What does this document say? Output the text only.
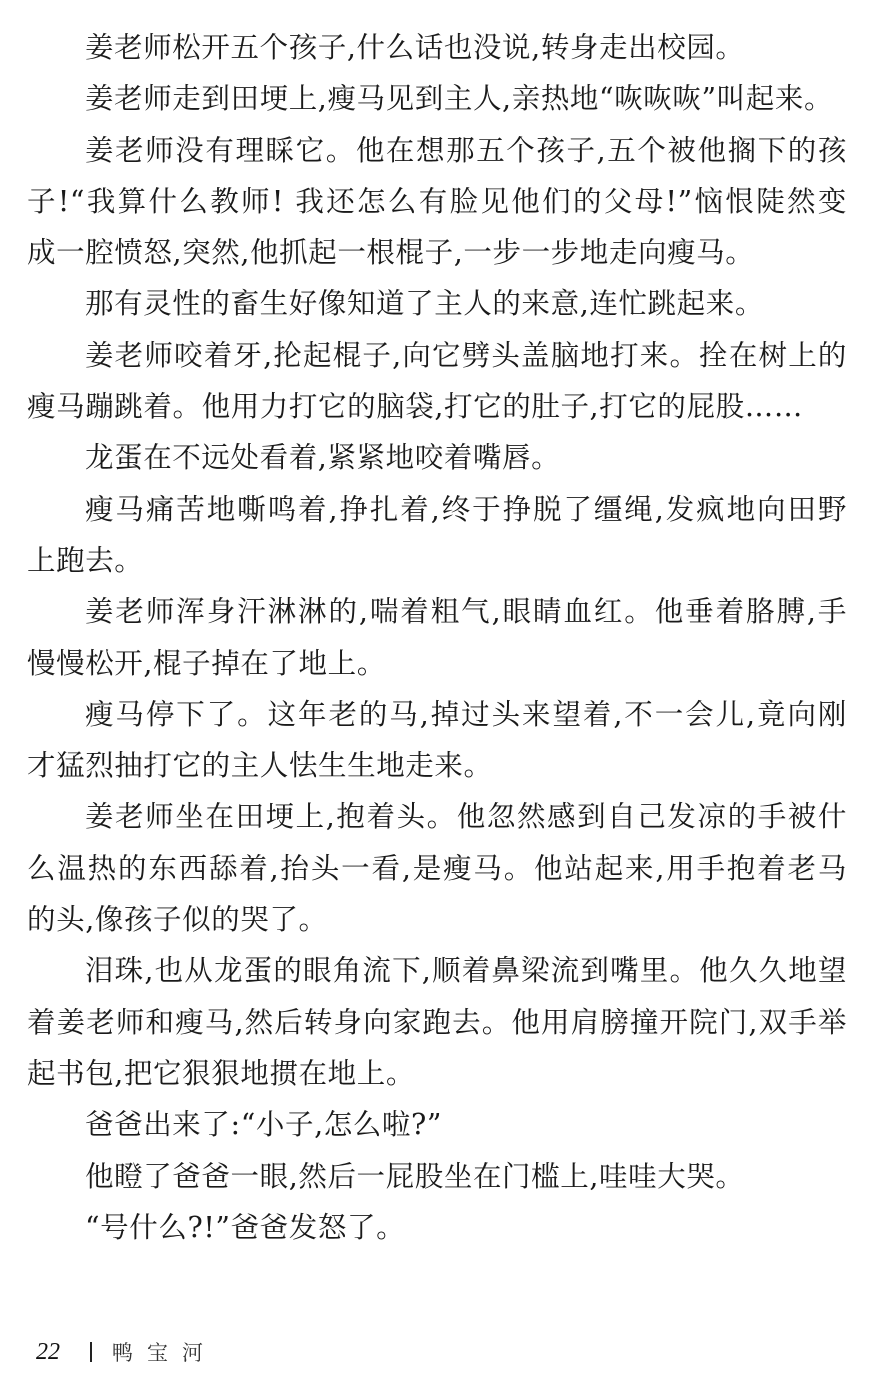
姜老师松开五个孩子,什么话也没说,转身走出校园。
姜老师走到田埂上,瘦马见到主人,亲热地“咴咴咴”叫起来。
姜老师没有理睬它。他在想那五个孩子,五个被他搁下的孩
子!“我算什么教师! 我还怎么有脸见他们的父母!”恼恨陡然变
成一腔愤怒,突然,他抓起一根棍子,一步一步地走向瘦马。
那有灵性的畜生好像知道了主人的来意,连忙跳起来。
姜老师咬着牙,抡起棍子,向它劈头盖脑地打来。拴在树上的
瘦马蹦跳着。他用力打它的脑袋,打它的肚子,打它的屁股……
龙蛋在不远处看着,紧紧地咬着嘴唇。
瘦马痛苦地嘶鸣着,挣扎着,终于挣脱了缰绳,发疯地向田野
上跑去。
姜老师浑身汗淋淋的,喘着粗气,眼睛血红。他垂着胳膊,手
慢慢松开,棍子掉在了地上。
瘦马停下了。这年老的马,掉过头来望着,不一会儿,竟向刚
才猛烈抽打它的主人怯生生地走来。
姜老师坐在田埂上,抱着头。他忽然感到自己发凉的手被什
么温热的东西舔着,抬头一看,是瘦马。他站起来,用手抱着老马
的头,像孩子似的哭了。
泪珠,也从龙蛋的眼角流下,顺着鼻梁流到嘴里。他久久地望
着姜老师和瘦马,然后转身向家跑去。他用肩膀撞开院门,双手举
起书包,把它狠狠地掼在地上。
爸爸出来了:“小子,怎么啦?”
他瞪了爸爸一眼,然后一屁股坐在门槛上,哇哇大哭。
“号什么?!”爸爸发怒了。
22	鸭宝河
